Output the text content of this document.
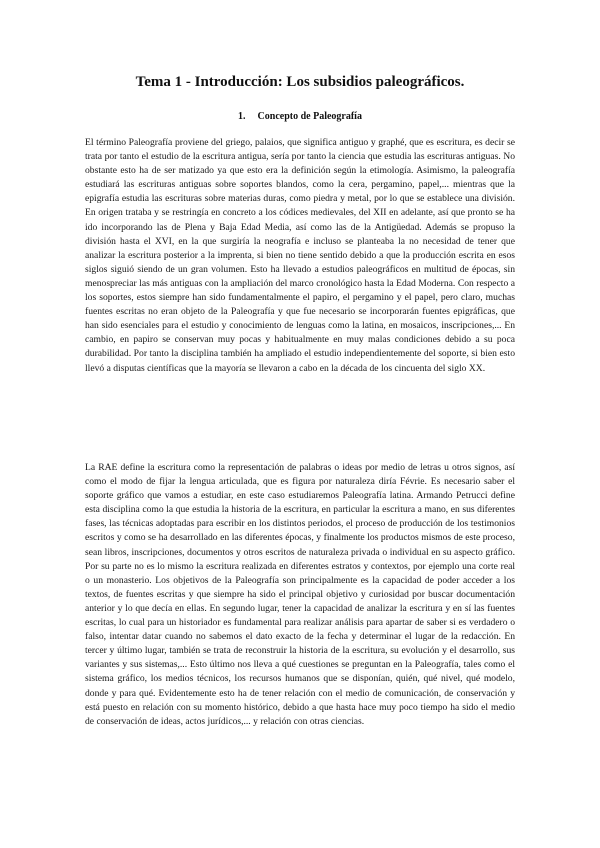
Tema 1 - Introducción: Los subsidios paleográficos.
1. Concepto de Paleografía

El término Paleografía proviene del griego, palaios, que significa antiguo y graphé, que es escritura, es decir se trata por tanto el estudio de la escritura antigua, sería por tanto la ciencia que estudia las escrituras antiguas. No obstante esto ha de ser matizado ya que esto era la definición según la etimología. Asimismo, la paleografía estudiará las escrituras antiguas sobre soportes blandos, como la cera, pergamino, papel,... mientras que la epigrafía estudia las escrituras sobre materias duras, como piedra y metal, por lo que se establece una división. En origen trataba y se restringía en concreto a los códices medievales, del XII en adelante, así que pronto se ha ido incorporando las de Plena y Baja Edad Media, así como las de la Antigüedad. Además se propuso la división hasta el XVI, en la que surgiría la neografía e incluso se planteaba la no necesidad de tener que analizar la escritura posterior a la imprenta, si bien no tiene sentido debido a que la producción escrita en esos siglos siguió siendo de un gran volumen. Esto ha llevado a estudios paleográficos en multitud de épocas, sin menospreciar las más antiguas con la ampliación del marco cronológico hasta la Edad Moderna. Con respecto a los soportes, estos siempre han sido fundamentalmente el papiro, el pergamino y el papel, pero claro, muchas fuentes escritas no eran objeto de la Paleografía y que fue necesario se incorporarán fuentes epigráficas, que han sido esenciales para el estudio y conocimiento de lenguas como la latina, en mosaicos, inscripciones,... En cambio, en papiro se conservan muy pocas y habitualmente en muy malas condiciones debido a su poca durabilidad. Por tanto la disciplina también ha ampliado el estudio independientemente del soporte, si bien esto llevó a disputas científicas que la mayoría se llevaron a cabo en la década de los cincuenta del siglo XX.

La RAE define la escritura como la representación de palabras o ideas por medio de letras u otros signos, así como el modo de fijar la lengua articulada, que es figura por naturaleza diría Févrie. Es necesario saber el soporte gráfico que vamos a estudiar, en este caso estudiaremos Paleografía latina. Armando Petrucci define esta disciplina como la que estudia la historia de la escritura, en particular la escritura a mano, en sus diferentes fases, las técnicas adoptadas para escribir en los distintos periodos, el proceso de producción de los testimonios escritos y como se ha desarrollado en las diferentes épocas, y finalmente los productos mismos de este proceso, sean libros, inscripciones, documentos y otros escritos de naturaleza privada o individual en su aspecto gráfico. Por su parte no es lo mismo la escritura realizada en diferentes estratos y contextos, por ejemplo una corte real o un monasterio. Los objetivos de la Paleografía son principalmente es la capacidad de poder acceder a los textos, de fuentes escritas y que siempre ha sido el principal objetivo y curiosidad por buscar documentación anterior y lo que decía en ellas. En segundo lugar, tener la capacidad de analizar la escritura y en sí las fuentes escritas, lo cual para un historiador es fundamental para realizar análisis para apartar de saber si es verdadero o falso, intentar datar cuando no sabemos el dato exacto de la fecha y determinar el lugar de la redacción. En tercer y último lugar, también se trata de reconstruir la historia de la escritura, su evolución y el desarrollo, sus variantes y sus sistemas,... Esto último nos lleva a qué cuestiones se preguntan en la Paleografía, tales como el sistema gráfico, los medios técnicos, los recursos humanos que se disponían, quién, qué nivel, qué modelo, donde y para qué. Evidentemente esto ha de tener relación con el medio de comunicación, de conservación y está puesto en relación con su momento histórico, debido a que hasta hace muy poco tiempo ha sido el medio de conservación de ideas, actos jurídicos,... y relación con otras ciencias.
